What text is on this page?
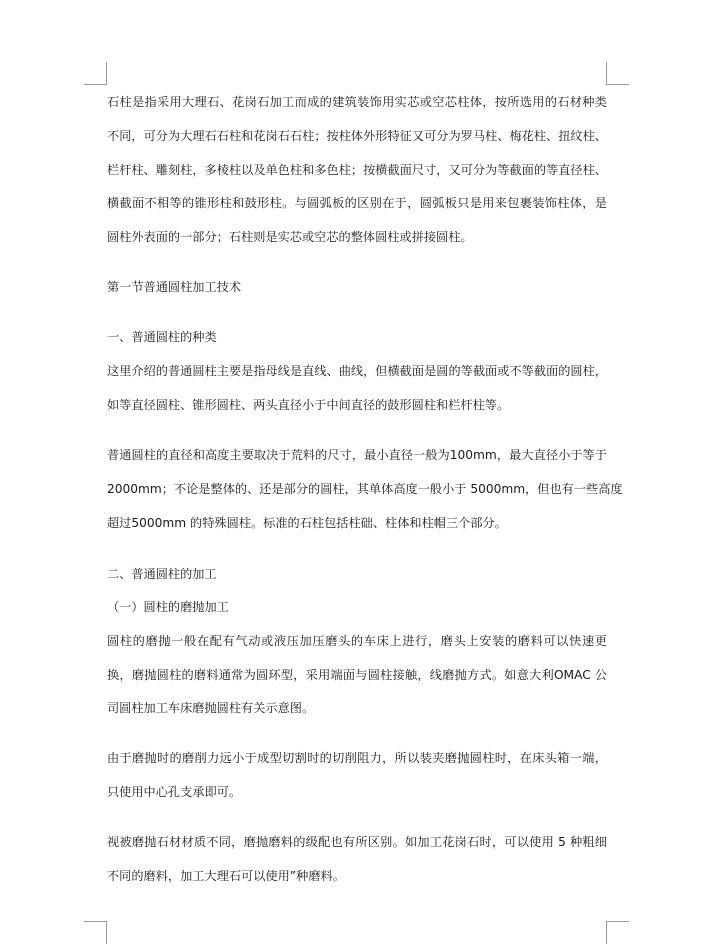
石柱是指采用大理石、花岗石加工而成的建筑装饰用实芯或空芯柱体，按所选用的石材种类
不同，可分为大理石石柱和花岗石石柱；按柱体外形特征又可分为罗马柱、梅花柱、扭纹柱、
栏杆柱、雕刻柱，多棱柱以及单色柱和多色柱；按横截面尺寸，又可分为等截面的等直径柱、
横截面不相等的锥形柱和鼓形柱。与圆弧板的区别在于，圆弧板只是用来包裹装饰柱体，是
圆柱外表面的一部分；石柱则是实芯或空芯的整体圆柱或拼接圆柱。
第一节普通圆柱加工技术
一、普通圆柱的种类
这里介绍的普通圆柱主要是指母线是直线、曲线，但横截面是圆的等截面或不等截面的圆柱，
如等直径圆柱、锥形圆柱、两头直径小于中间直径的鼓形圆柱和栏杆柱等。
普通圆柱的直径和高度主要取决于荒料的尺寸，最小直径一般为100mm，最大直径小于等于
2000mm；不论是整体的、还是部分的圆柱，其单体高度一般小于 5000mm，但也有一些高度
超过5000mm 的特殊圆柱。标准的石柱包括柱础、柱体和柱帽三个部分。
二、普通圆柱的加工
（一）圆柱的磨抛加工
圆柱的磨抛一般在配有气动或液压加压磨头的车床上进行，磨头上安装的磨料可以快速更
换，磨抛圆柱的磨料通常为圆环型，采用端面与圆柱接触，线磨抛方式。如意大利OMAC 公
司圆柱加工车床磨抛圆柱有关示意图。
由于磨抛时的磨削力远小于成型切割时的切削阻力，所以装夹磨抛圆柱时，在床头箱一端，
只使用中心孔支承即可。
视被磨抛石材材质不同，磨抛磨料的级配也有所区别。如加工花岗石时，可以使用 5 种粗细
不同的磨料，加工大理石可以使用”种磨料。
